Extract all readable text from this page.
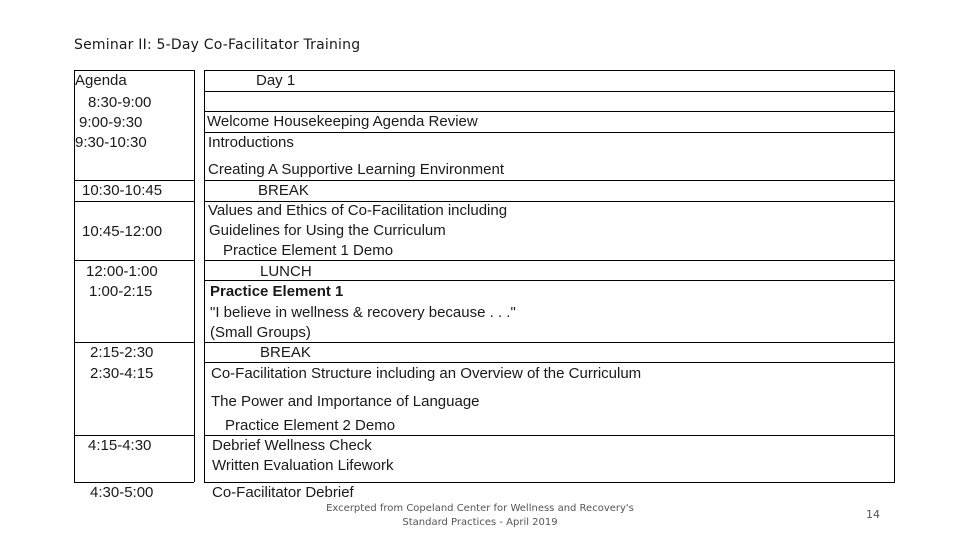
Seminar II: 5-Day Co-Facilitator Training
Agenda	Day 1
8:30-9:00
9:00-9:30
9:30-10:30
10:30-10:45
10:45-12:00
12:00-1:00
1:00-2:15
2:15-2:30
2:30-4:15
4:15-4:30
4:30-5:00
Welcome Housekeeping Agenda Review
Introductions
Creating A Supportive Learning Environment
BREAK
Values and Ethics of Co-Facilitation including
Guidelines for Using the Curriculum
Practice Element 1 Demo
LUNCH
Practice Element 1
"I believe in wellness & recovery because . . ."
(Small Groups)
BREAK
Co-Facilitation Structure including an Overview of the Curriculum
The Power and Importance of Language
Practice Element 2 Demo
Debrief Wellness Check
Written Evaluation Lifework
Co-Facilitator Debrief
Excerpted from Copeland Center for Wellness and Recovery's
Standard Practices - April 2019
14
